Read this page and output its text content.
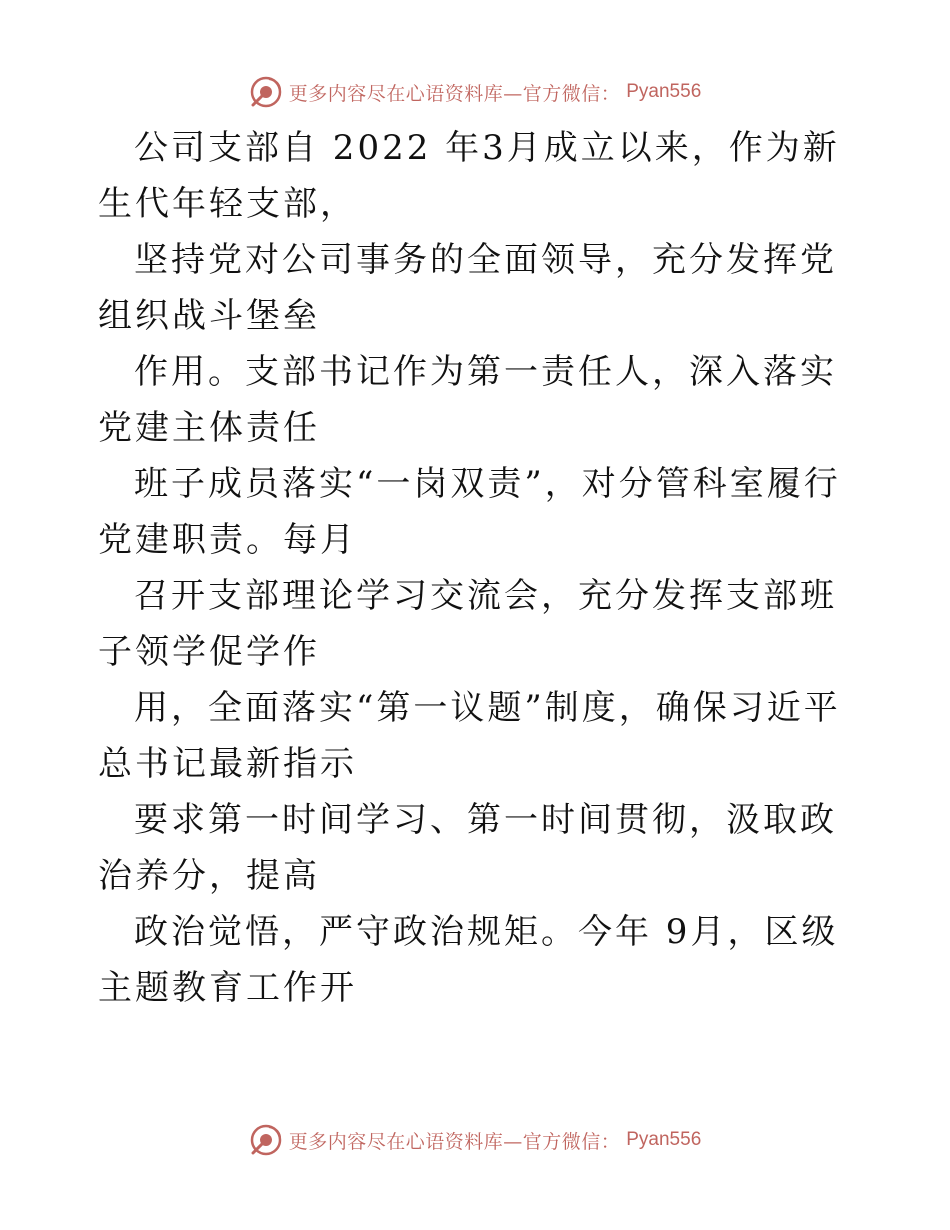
更多内容尽在心语资料库—官方微信： Pyan556

公司支部自 2022 年3月成立以来，作为新生代年轻支部，

坚持党对公司事务的全面领导，充分发挥党组织战斗堡垒

作用。支部书记作为第一责任人，深入落实党建主体责任

班子成员落实“一岗双责”，对分管科室履行党建职责。每月

召开支部理论学习交流会，充分发挥支部班子领学促学作

用，全面落实“第一议题”制度，确保习近平总书记最新指示

要求第一时间学习、第一时间贯彻，汲取政治养分，提高

政治觉悟，严守政治规矩。今年 9月，区级主题教育工作开

更多内容尽在心语资料库—官方微信： Pyan556
